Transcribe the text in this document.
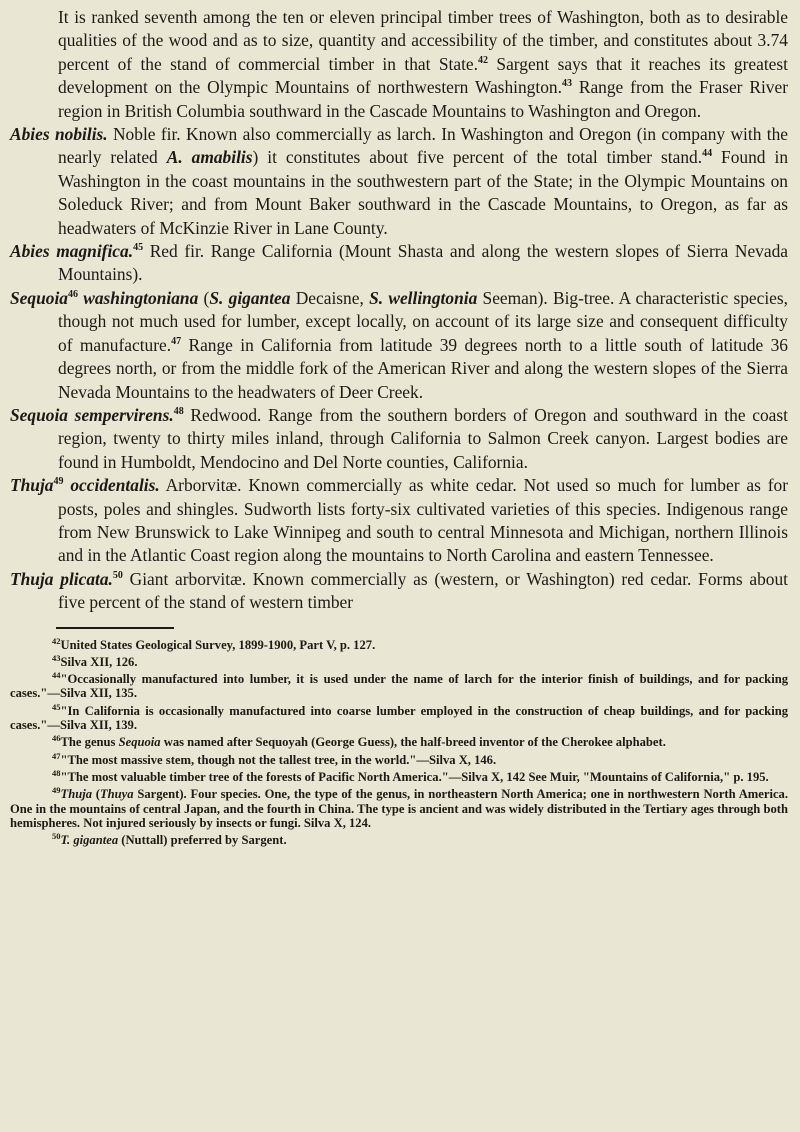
It is ranked seventh among the ten or eleven principal timber trees of Washington, both as to desirable qualities of the wood and as to size, quantity and accessibility of the timber, and constitutes about 3.74 percent of the stand of commercial timber in that State.$^{42}$ Sargent says that it reaches its greatest development on the Olympic Mountains of northwestern Washington.$^{43}$ Range from the Fraser River region in British Columbia southward in the Cascade Mountains to Washington and Oregon.

Abies nobilis. Noble fir. Known also commercially as larch. In Washington and Oregon (in company with the nearly related A. amabilis) it constitutes about five percent of the total timber stand.$^{44}$ Found in Washington in the coast mountains in the southwestern part of the State; in the Olympic Mountains on Soleduck River; and from Mount Baker southward in the Cascade Mountains, to Oregon, as far as headwaters of McKinzie River in Lane County.

Abies magnifica.$^{45}$ Red fir. Range California (Mount Shasta and along the western slopes of Sierra Nevada Mountains).

Sequoia$^{46}$ washingtoniana (S. gigantea Decaisne, S. wellingtonia Seeman). Big-tree. A characteristic species, though not much used for lumber, except locally, on account of its large size and consequent difficulty of manufacture.$^{47}$ Range in California from latitude 39 degrees north to a little south of latitude 36 degrees north, or from the middle fork of the American River and along the western slopes of the Sierra Nevada Mountains to the headwaters of Deer Creek.

Sequoia sempervirens.$^{48}$ Redwood. Range from the southern borders of Oregon and southward in the coast region, twenty to thirty miles inland, through California to Salmon Creek canyon. Largest bodies are found in Humboldt, Mendocino and Del Norte counties, California.

Thuja$^{49}$ occidentalis. Arborvitæ. Known commercially as white cedar. Not used so much for lumber as for posts, poles and shingles. Sudworth lists forty-six cultivated varieties of this species. Indigenous range from New Brunswick to Lake Winnipeg and south to central Minnesota and Michigan, northern Illinois and in the Atlantic Coast region along the mountains to North Carolina and eastern Tennessee.

Thuja plicata.$^{50}$ Giant arborvitæ. Known commercially as (western, or Washington) red cedar. Forms about five percent of the stand of western timber

$^{42}$United States Geological Survey, 1899-1900, Part V, p. 127.

$^{43}$Silva XII, 126.

$^{44}$"Occasionally manufactured into lumber, it is used under the name of larch for the interior finish of buildings, and for packing cases."—Silva XII, 135.

$^{45}$"In California is occasionally manufactured into coarse lumber employed in the construction of cheap buildings, and for packing cases."—Silva XII, 139.

$^{46}$The genus Sequoia was named after Sequoyah (George Guess), the half-breed inventor of the Cherokee alphabet.

$^{47}$"The most massive stem, though not the tallest tree, in the world."—Silva X, 146.

$^{48}$"The most valuable timber tree of the forests of Pacific North America."—Silva X, 142 See Muir, "Mountains of California," p. 195.

$^{49}$Thuja (Thuya Sargent). Four species. One, the type of the genus, in northeastern North America; one in northwestern North America. One in the mountains of central Japan, and the fourth in China. The type is ancient and was widely distributed in the Tertiary ages through both hemispheres. Not injured seriously by insects or fungi. Silva X, 124.

$^{50}$T. gigantea (Nuttall) preferred by Sargent.
